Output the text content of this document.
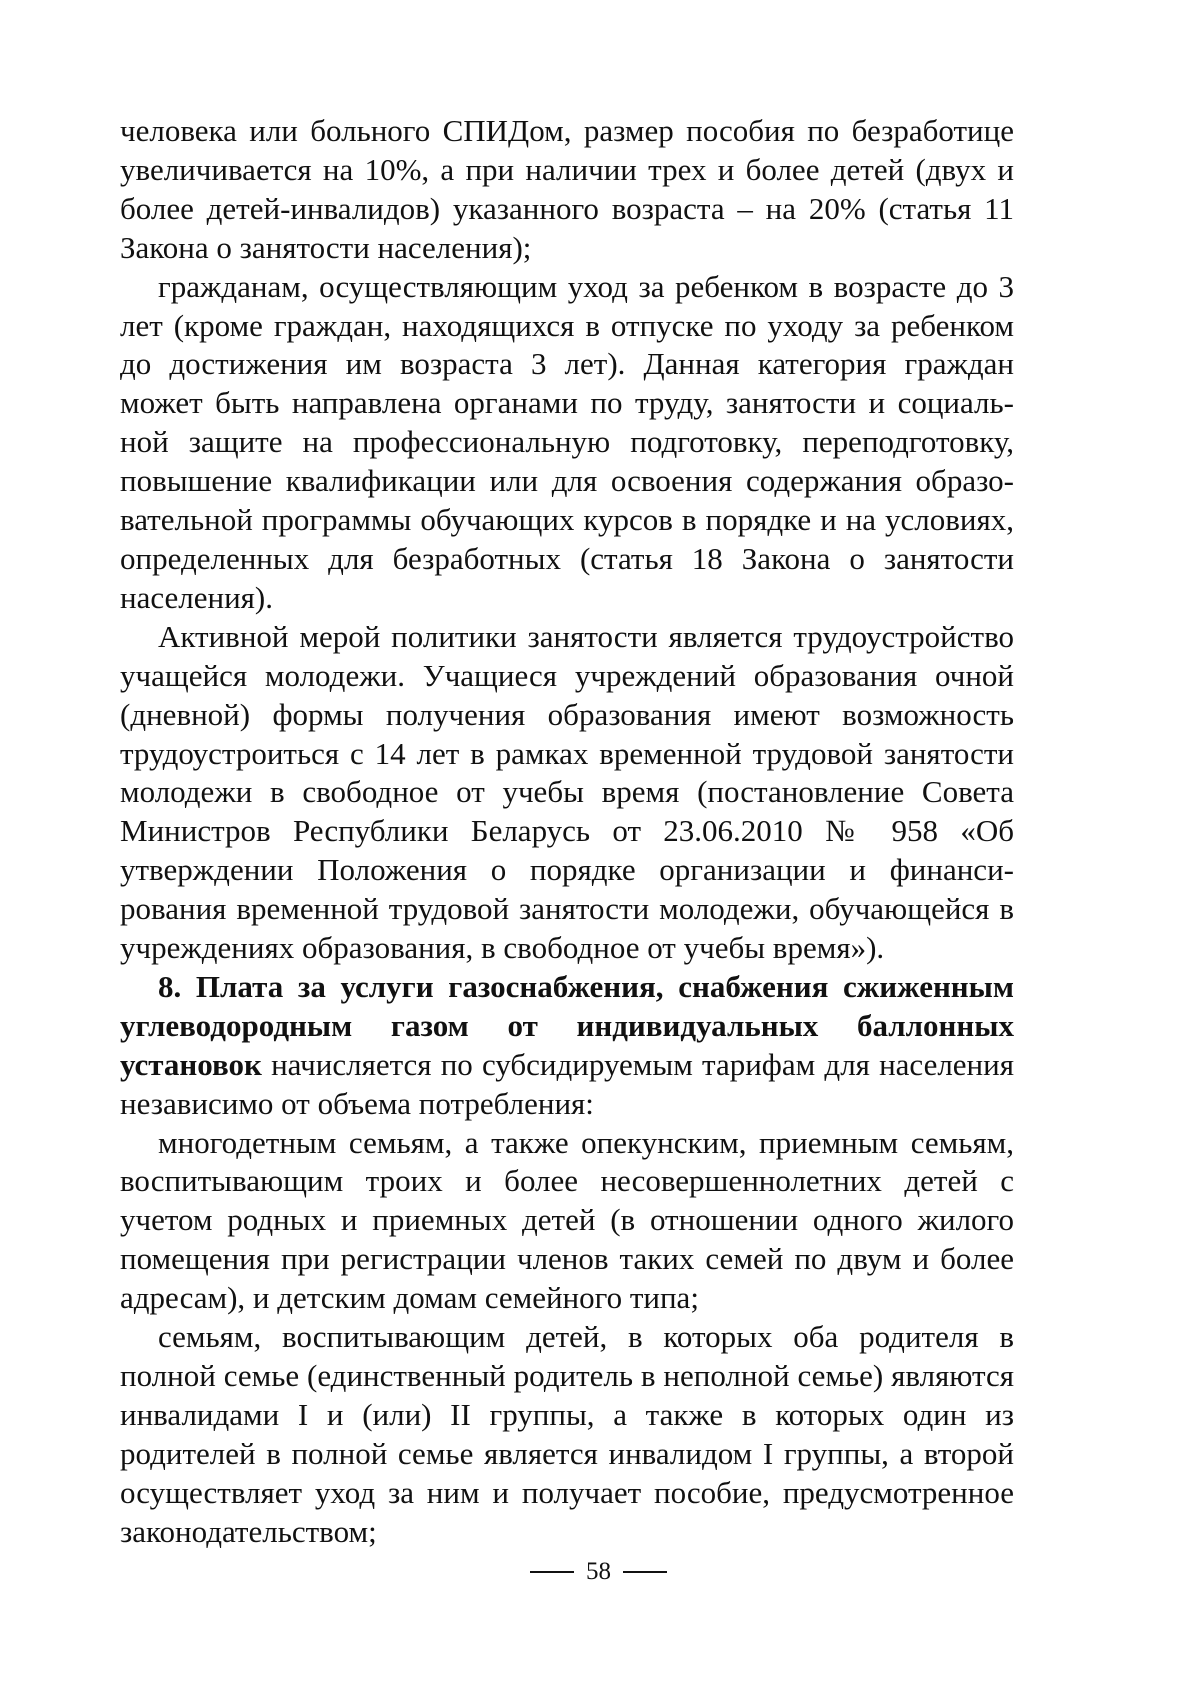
человека или больного СПИДом, размер пособия по безработице увеличивается на 10%, а при наличии трех и более детей (двух и более детей-инвалидов) указанного возраста – на 20% (статья 11 Закона о занятости населения);

гражданам, осуществляющим уход за ребенком в возрасте до 3 лет (кроме граждан, находящихся в отпуске по уходу за ребенком до достижения им возраста 3 лет). Данная категория граждан может быть направлена органами по труду, занятости и социальной защите на профессиональную подготовку, переподготовку, повышение квалификации или для освоения содержания образовательной программы обучающих курсов в порядке и на условиях, определенных для безработных (статья 18 Закона о занятости населения).

Активной мерой политики занятости является трудоустройство учащейся молодежи. Учащиеся учреждений образования очной (дневной) формы получения образования имеют возможность трудоустроиться с 14 лет в рамках временной трудовой занятости молодежи в свободное от учебы время (постановление Совета Министров Республики Беларусь от 23.06.2010 № 958 «Об утверждении Положения о порядке организации и финансирования временной трудовой занятости молодежи, обучающейся в учреждениях образования, в свободное от учебы время»).

8. Плата за услуги газоснабжения, снабжения сжиженным углеводородным газом от индивидуальных баллонных установок начисляется по субсидируемым тарифам для населения независимо от объема потребления:

многодетным семьям, а также опекунским, приемным семьям, воспитывающим троих и более несовершеннолетних детей с учетом родных и приемных детей (в отношении одного жилого помещения при регистрации членов таких семей по двум и более адресам), и детским домам семейного типа;

семьям, воспитывающим детей, в которых оба родителя в полной семье (единственный родитель в неполной семье) являются инвалидами I и (или) II группы, а также в которых один из родителей в полной семье является инвалидом I группы, а второй осуществляет уход за ним и получает пособие, предусмотренное законодательством;

58
